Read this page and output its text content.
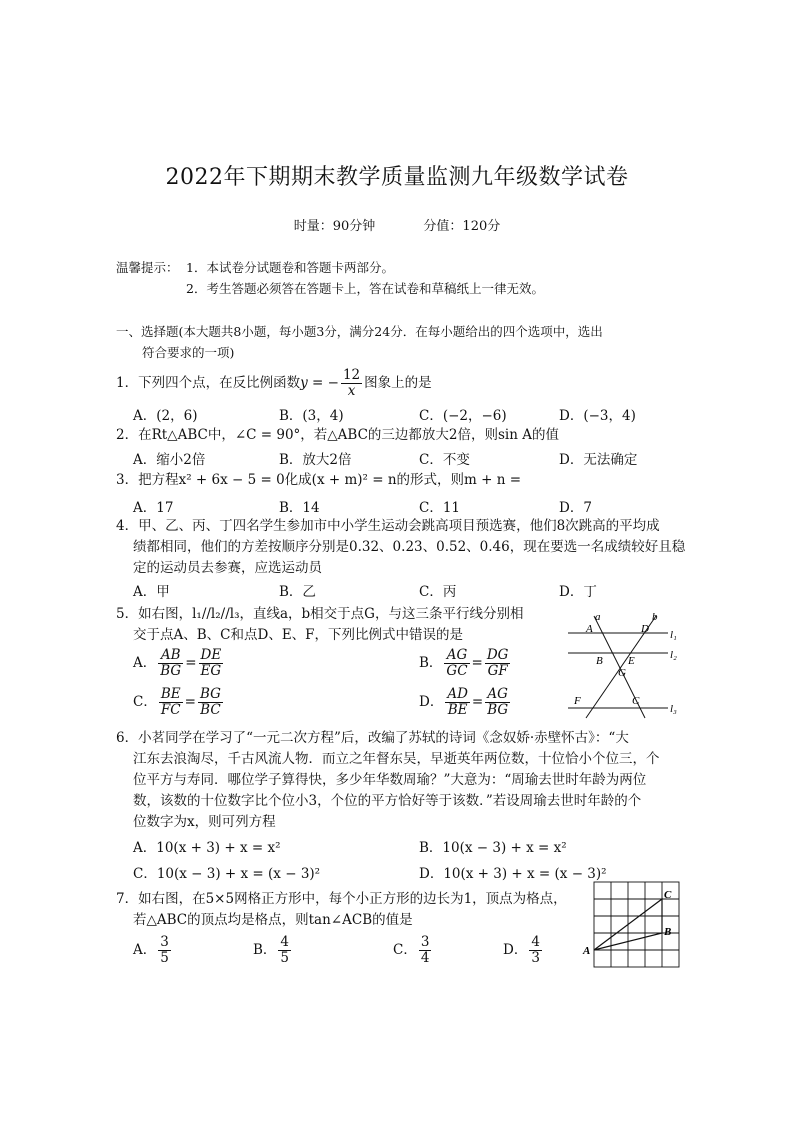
2022年下期期末教学质量监测九年级数学试卷
时量：90分钟	分值：120分
温馨提示： 1．本试卷分试题卷和答题卡两部分。
2．考生答题必须答在答题卡上，答在试卷和草稿纸上一律无效。
一、选择题(本大题共8小题，每小题3分，满分24分．在每小题给出的四个选项中，选出
符合要求的一项)
1．下列四个点，在反比例函数y = − $\frac{12}{x}$ 图象上的是
A．(2，6)	B．(3，4)	C．(−2，−6)	D．(−3，4)
2．在Rt△ABC中，∠C = 90°，若△ABC的三边都放大2倍，则sin A的值
A．缩小2倍	B．放大2倍	C．不变	D．无法确定
3．把方程x² + 6x − 5 = 0化成(x + m)² = n的形式，则m + n =
A．17	B．14	C．11	D．7
4．甲、乙、丙、丁四名学生参加市中小学生运动会跳高项目预选赛，他们8次跳高的平均成
绩都相同，他们的方差按顺序分别是0.32、0.23、0.52、0.46，现在要选一名成绩较好且稳
定的运动员去参赛，应选运动员
A．甲	B．乙	C．丙	D．丁
5．如右图，l₁//l₂//l₃，直线a，b相交于点G，与这三条平行线分别相
交于点A、B、C和点D、E、F，下列比例式中错误的是
A． $\frac{AB}{BG} = \frac{DE}{EG}$	B． $\frac{AG}{GC} = \frac{DG}{GF}$
C． $\frac{BE}{FC} = \frac{BG}{BC}$	D． $\frac{AD}{BE} = \frac{AG}{BG}$
a	b
A	D l₁
B E	l₂
G
F	C
l₃
6．小茗同学在学习了“一元二次方程”后，改编了苏轼的诗词《念奴娇·赤壁怀古》：“大
江东去浪淘尽，千古风流人物．而立之年督东吴，早逝英年两位数，十位恰小个位三，个
位平方与寿同．哪位学子算得快，多少年华数周瑜？”大意为：“周瑜去世时年龄为两位
数，该数的十位数字比个位小3，个位的平方恰好等于该数．”若设周瑜去世时年龄的个
位数字为x，则可列方程
A．10(x + 3) + x = x²	B．10(x − 3) + x = x²
C．10(x − 3) + x = (x − 3)²	D．10(x + 3) + x = (x − 3)²
7．如右图，在5×5网格正方形中，每个小正方形的边长为1，顶点为格点，
若△ABC的顶点均是格点，则tan∠ACB的值是
A． $\frac{3}{5}$	B． $\frac{4}{5}$	C． $\frac{3}{4}$	D． $\frac{4}{3}$	A
B
C
